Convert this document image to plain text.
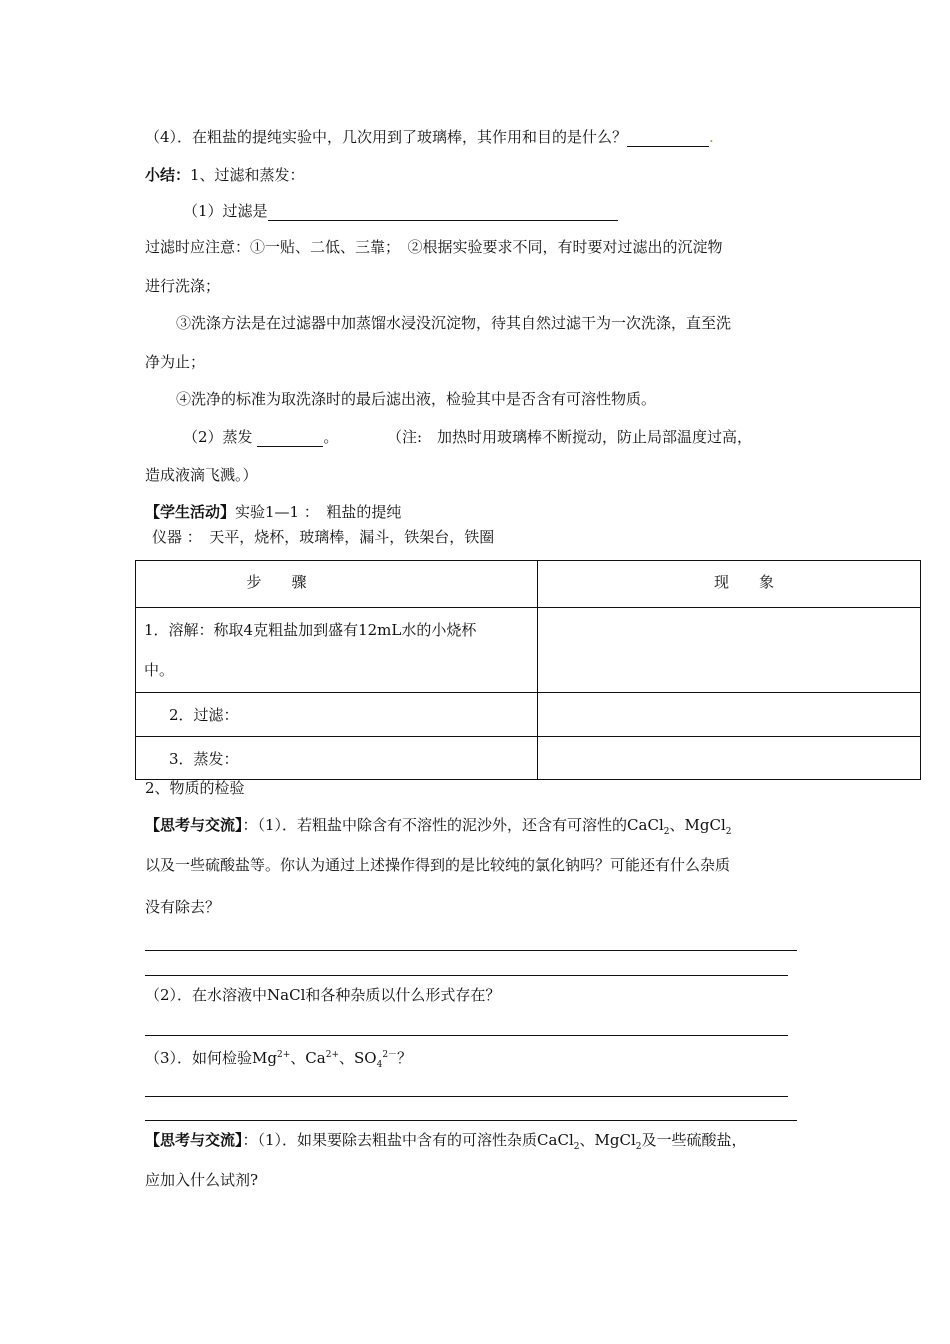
（4）．在粗盐的提纯实验中，几次用到了玻璃棒，其作用和目的是什么？	.
小结：1、过滤和蒸发：
（1）过滤是
过滤时应注意：①一贴、二低、三靠；　②根据实验要求不同，有时要对过滤出的沉淀物
进行洗涤；
③洗涤方法是在过滤器中加蒸馏水浸没沉淀物，待其自然过滤干为一次洗涤，直至洗
净为止；
④洗净的标准为取洗涤时的最后滤出液，检验其中是否含有可溶性物质。
（2）蒸发	。	（注:　加热时用玻璃棒不断搅动，防止局部温度过高，
造成液滴飞溅。）
【学生活动】实验1—1 ：　粗盐的提纯
仪器 ：　天平，烧杯，玻璃棒，漏斗，铁架台，铁圈
步　　骤	现　　象

1．溶解：称取4克粗盐加到盛有12mL水的小烧杯
中。	

2．过滤：	
3．蒸发：	
2、物质的检验
【思考与交流】：（1）．若粗盐中除含有不溶性的泥沙外，还含有可溶性的CaCl$_2$、MgCl$_2$
以及一些硫酸盐等。你认为通过上述操作得到的是比较纯的氯化钠吗？可能还有什么杂质
没有除去？
（2）．在水溶液中NaCl和各种杂质以什么形式存在？
（3）．如何检验$Mg^{2+}$、$Ca^{2+}$、$SO_4^{2-}$？
【思考与交流】：（1）．如果要除去粗盐中含有的可溶性杂质CaCl$_2$、MgCl$_2$及一些硫酸盐，
应加入什么试剂?
